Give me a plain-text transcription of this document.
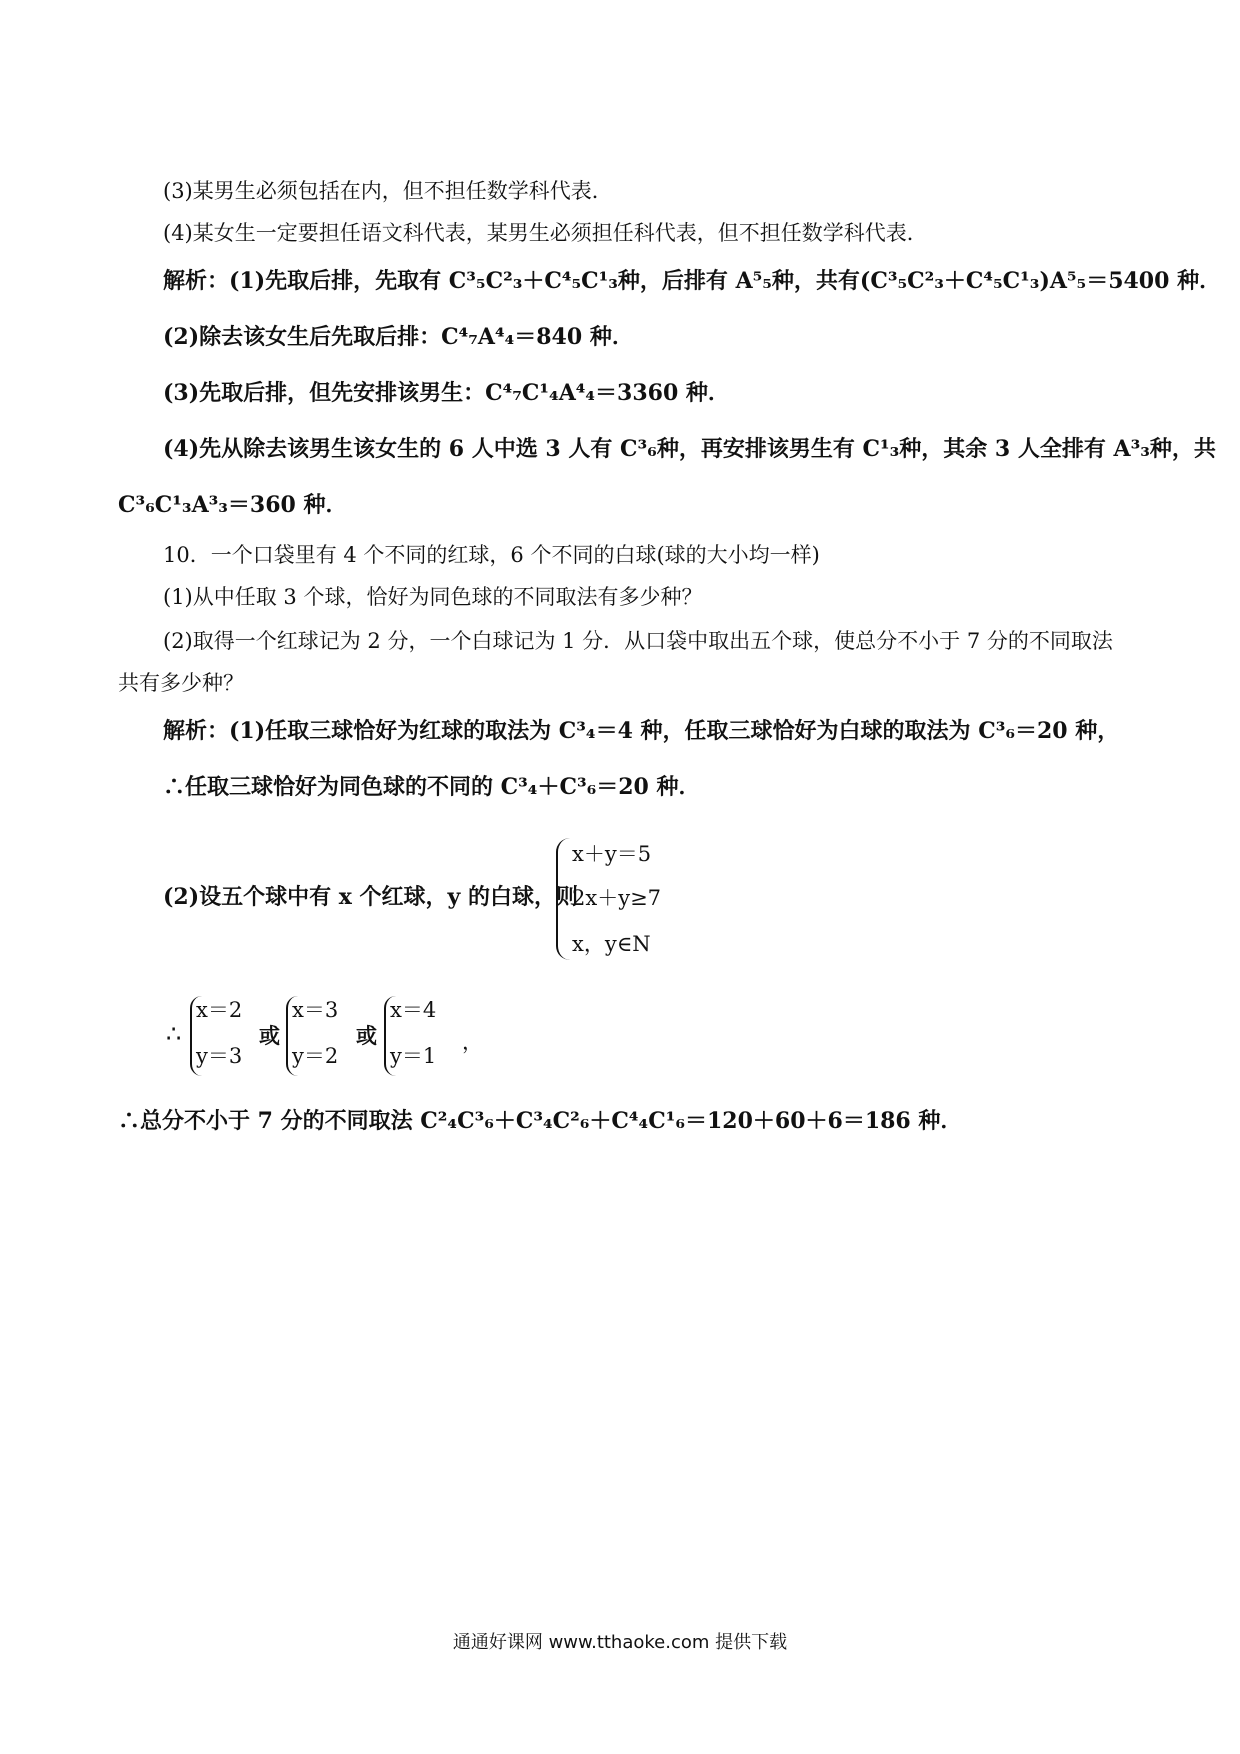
(3)某男生必须包括在内，但不担任数学科代表．
(4)某女生一定要担任语文科代表，某男生必须担任科代表，但不担任数学科代表．
解析：(1)先取后排，先取有 C³₅C²₃＋C⁴₅C¹₃种，后排有 A⁵₅种，共有(C³₅C²₃＋C⁴₅C¹₃)A⁵₅＝5400 种．
(2)除去该女生后先取后排：C⁴₇A⁴₄＝840 种．
(3)先取后排，但先安排该男生：C⁴₇C¹₄A⁴₄＝3360 种．
(4)先从除去该男生该女生的 6 人中选 3 人有 C³₆种，再安排该男生有 C¹₃种，其余 3 人全排有 A³₃种，共
C³₆C¹₃A³₃＝360 种．
10．一个口袋里有 4 个不同的红球，6 个不同的白球(球的大小均一样)
(1)从中任取 3 个球，恰好为同色球的不同取法有多少种？
(2)取得一个红球记为 2 分，一个白球记为 1 分．从口袋中取出五个球，使总分不小于 7 分的不同取法
共有多少种？
解析：(1)任取三球恰好为红球的取法为 C³₄＝4 种，任取三球恰好为白球的取法为 C³₆＝20 种，
∴任取三球恰好为同色球的不同的 C³₄＋C³₆＝20 种．
(2)设五个球中有 x 个红球，y 的白球，则
x＋y＝5
2x＋y≥7
x，y∈N
∴
x＝2
y＝3
或
x＝3
y＝2
或
x＝4
y＝1
，
∴总分不小于 7 分的不同取法 C²₄C³₆＋C³₄C²₆＋C⁴₄C¹₆＝120＋60＋6＝186 种．
通通好课网 www.tthaoke.com 提供下载
